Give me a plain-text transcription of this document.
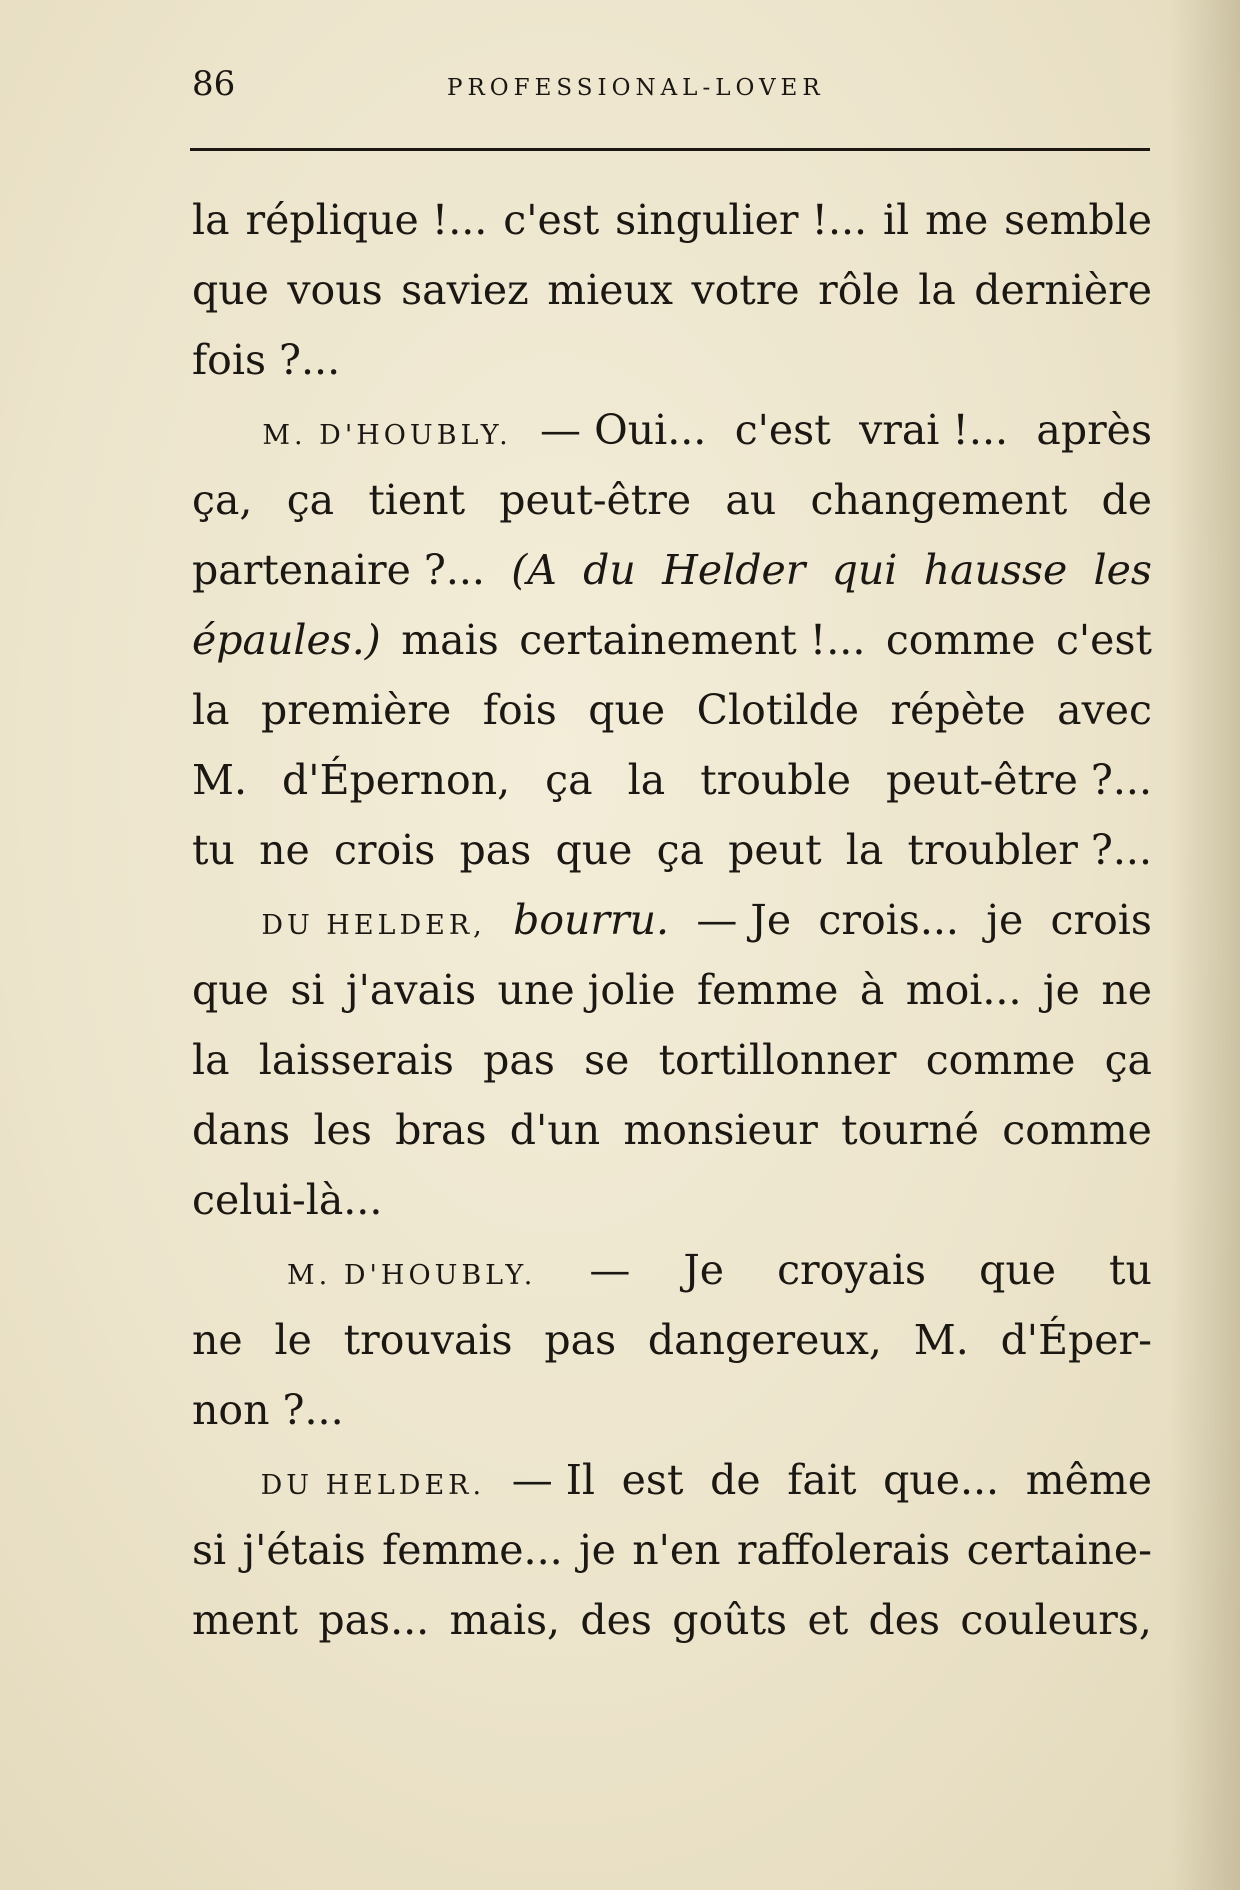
86	PROFESSIONAL-LOVER
la réplique !... c'est singulier !... il me semble
que vous saviez mieux votre rôle la dernière
fois ?...
M. D'HOUBLY. — Oui... c'est vrai !... après
ça, ça tient peut-être au changement de
partenaire ?... (A du Helder qui hausse les
épaules.) mais certainement !... comme c'est
la première fois que Clotilde répète avec
M. d'Épernon, ça la trouble peut-être ?...
tu ne crois pas que ça peut la troubler ?...
DU HELDER, bourru. — Je crois... je crois
que si j'avais une jolie femme à moi... je ne
la laisserais pas se tortillonner comme ça
dans les bras d'un monsieur tourné comme
celui-là...
M. D'HOUBLY. — Je croyais que tu
ne le trouvais pas dangereux, M. d'Éper-
non ?...
DU HELDER. — Il est de fait que... même
si j'étais femme... je n'en raffolerais certaine-
ment pas... mais, des goûts et des couleurs,
